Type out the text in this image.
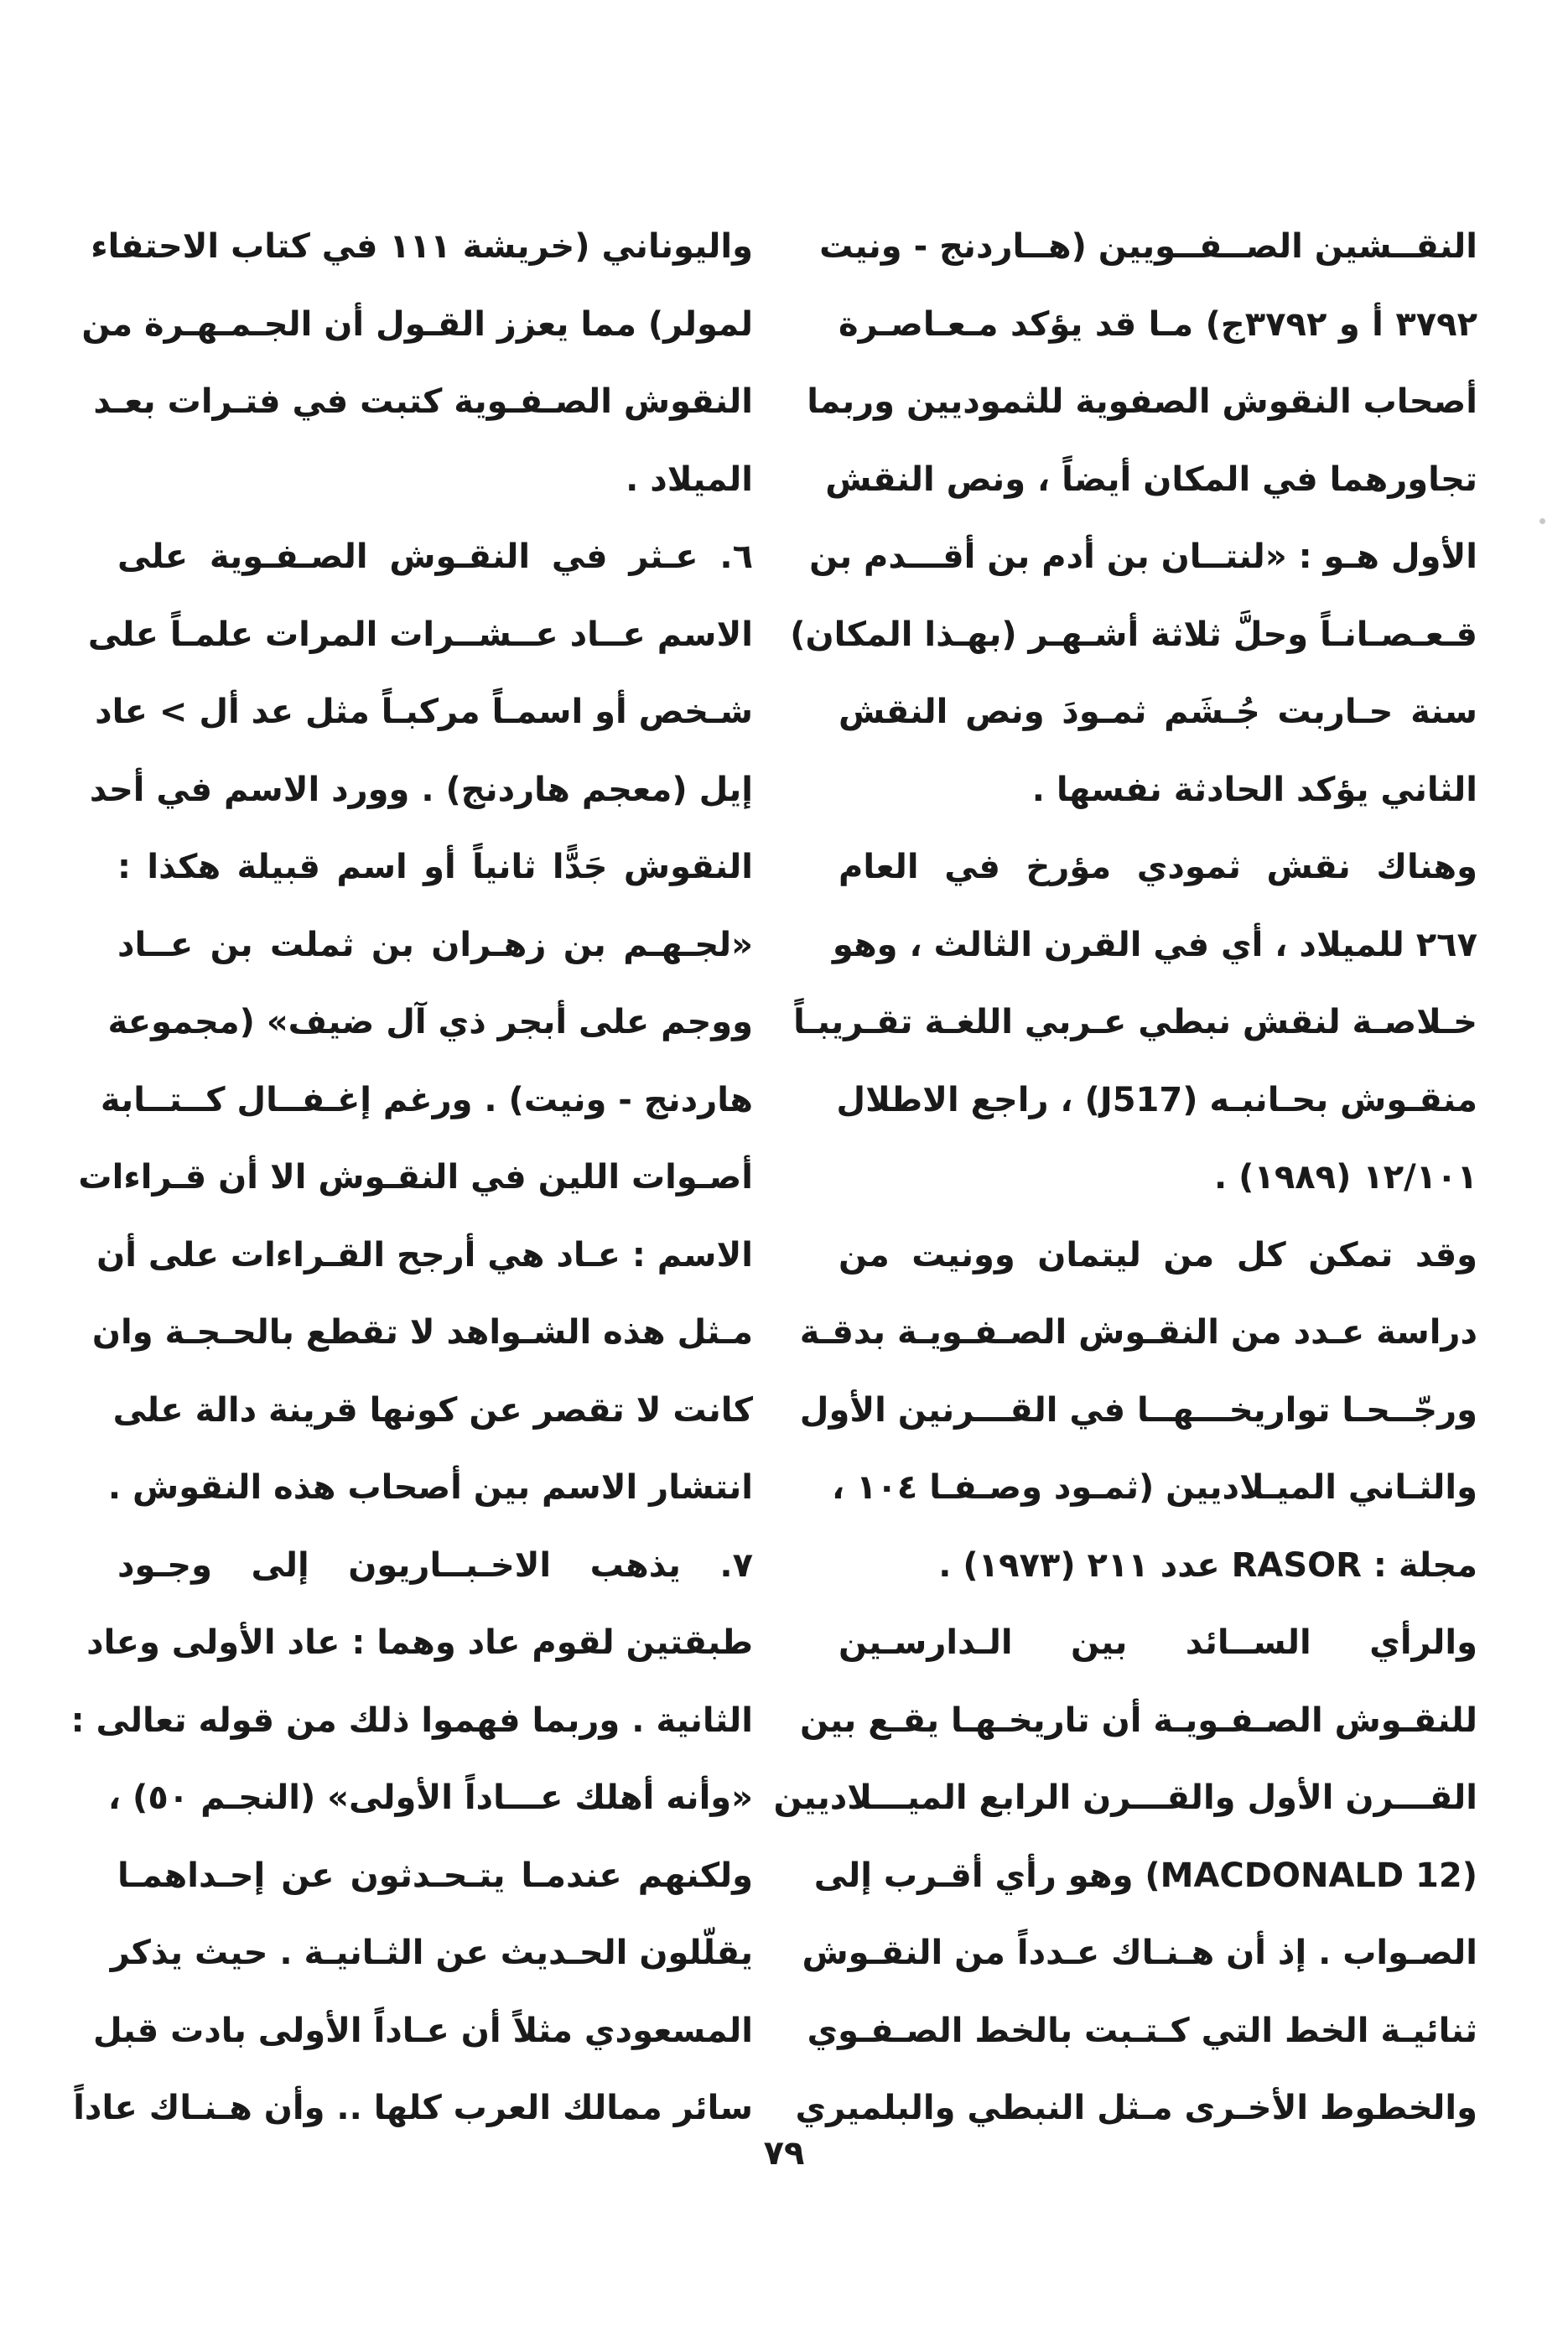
النقــشين الصــفــويين (هــاردنج - ونيت
٣٧٩٢ أ و ٣٧٩٢ج) مـا قد يؤكد مـعـاصـرة
أصحاب النقوش الصفوية للثموديين وربما
تجاورهما في المكان أيضاً ، ونص النقش
الأول هـو : «لنتــان بن أدم بن أقـــدم بن
قـعـصـانـاً وحلَّ ثلاثة أشـهـر (بهـذا المكان)
سنة حـاربت جُـشَم ثمـودَ ونص النقش
الثاني يؤكد الحادثة نفسها .
وهناك نقش ثمودي مؤرخ في العام
٢٦٧ للميلاد ، أي في القرن الثالث ، وهو
خـلاصـة لنقش نبطي عـربي اللغـة تقـريبـاً
منقـوش بحـانبـه (J517) ، راجع الاطلال
١٢/١٠١ (١٩٨٩) .
وقد تمكن كل من ليتمان وونيت من
دراسة عـدد من النقـوش الصـفـويـة بدقـة
ورجّــحـا تواريخـــهــا في القـــرنين الأول
والثـاني الميـلاديين (ثمـود وصـفـا ١٠٤ ،
مجلة : RASOR عدد ٢١١ (١٩٧٣) .
والرأي الســائد بين الـدارسـين
للنقـوش الصـفـويـة أن تاريخـهـا يقـع بين
القـــرن الأول والقـــرن الرابع الميـــلاديين
(MACDONALD 12) وهو رأي أقـرب إلى
الصـواب . إذ أن هـنـاك عـدداً من النقـوش
ثنائيـة الخط التي كـتـبت بالخط الصـفـوي
والخطوط الأخـرى مـثل النبطي والبلميري
واليوناني (خريشة ١١١ في كتاب الاحتفاء
لمولر) مما يعزز القـول أن الجـمـهـرة من
النقوش الصـفـوية كتبت في فتـرات بعـد
الميلاد .
٦. عـثر في النقـوش الصـفـوية على
الاسم عــاد عــشــرات المرات علمـاً على
شـخص أو اسمـاً مركبـاً مثل عد أل > عاد
إيل (معجم هاردنج) . وورد الاسم في أحد
النقوش جَدًّا ثانياً أو اسم قبيلة هكذا :
«لجـهـم بن زهـران بن ثملت بن عــاد
ووجم على أبجر ذي آل ضيف» (مجموعة
هاردنج - ونيت) . ورغم إغـفــال كــتــابة
أصـوات اللين في النقـوش الا أن قـراءات
الاسم : عـاد هي أرجح القـراءات على أن
مـثل هذه الشـواهد لا تقطع بالحـجـة وان
كانت لا تقصر عن كونها قرينة دالة على
انتشار الاسم بين أصحاب هذه النقوش .
٧. يذهب الاخـبــاريون إلى وجـود
طبقتين لقوم عاد وهما : عاد الأولى وعاد
الثانية . وربما فهموا ذلك من قوله تعالى :
«وأنه أهلك عـــاداً الأولى» (النجـم ٥٠) ،
ولكنهم عندمـا يتـحـدثون عن إحـداهمـا
يقلّلون الحـديث عن الثـانيـة . حيث يذكر
المسعودي مثلاً أن عـاداً الأولى بادت قبل
سائر ممالك العرب كلها .. وأن هـنـاك عاداً
٧٩
